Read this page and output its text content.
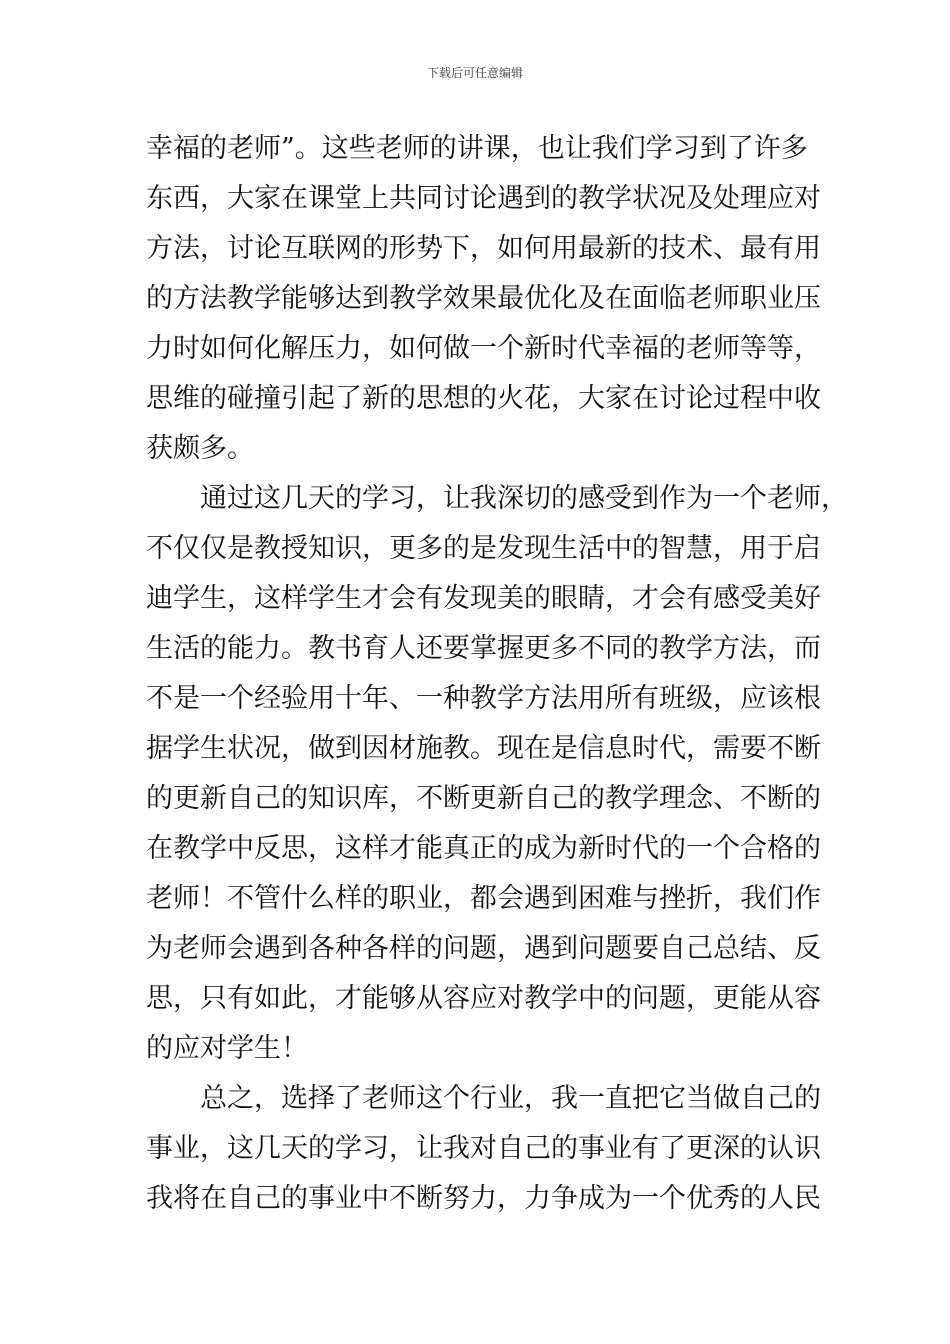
下载后可任意编辑
幸福的老师”。这些老师的讲课，也让我们学习到了许多
东西，大家在课堂上共同讨论遇到的教学状况及处理应对
方法，讨论互联网的形势下，如何用最新的技术、最有用
的方法教学能够达到教学效果最优化及在面临老师职业压
力时如何化解压力，如何做一个新时代幸福的老师等等，
思维的碰撞引起了新的思想的火花，大家在讨论过程中收
获颇多。
通过这几天的学习，让我深切的感受到作为一个老师，
不仅仅是教授知识，更多的是发现生活中的智慧，用于启
迪学生，这样学生才会有发现美的眼睛，才会有感受美好
生活的能力。教书育人还要掌握更多不同的教学方法，而
不是一个经验用十年、一种教学方法用所有班级，应该根
据学生状况，做到因材施教。现在是信息时代，需要不断
的更新自己的知识库，不断更新自己的教学理念、不断的
在教学中反思，这样才能真正的成为新时代的一个合格的
老师！不管什么样的职业，都会遇到困难与挫折，我们作
为老师会遇到各种各样的问题，遇到问题要自己总结、反
思，只有如此，才能够从容应对教学中的问题，更能从容
的应对学生！
总之，选择了老师这个行业，我一直把它当做自己的
事业，这几天的学习，让我对自己的事业有了更深的认识
我将在自己的事业中不断努力，力争成为一个优秀的人民
